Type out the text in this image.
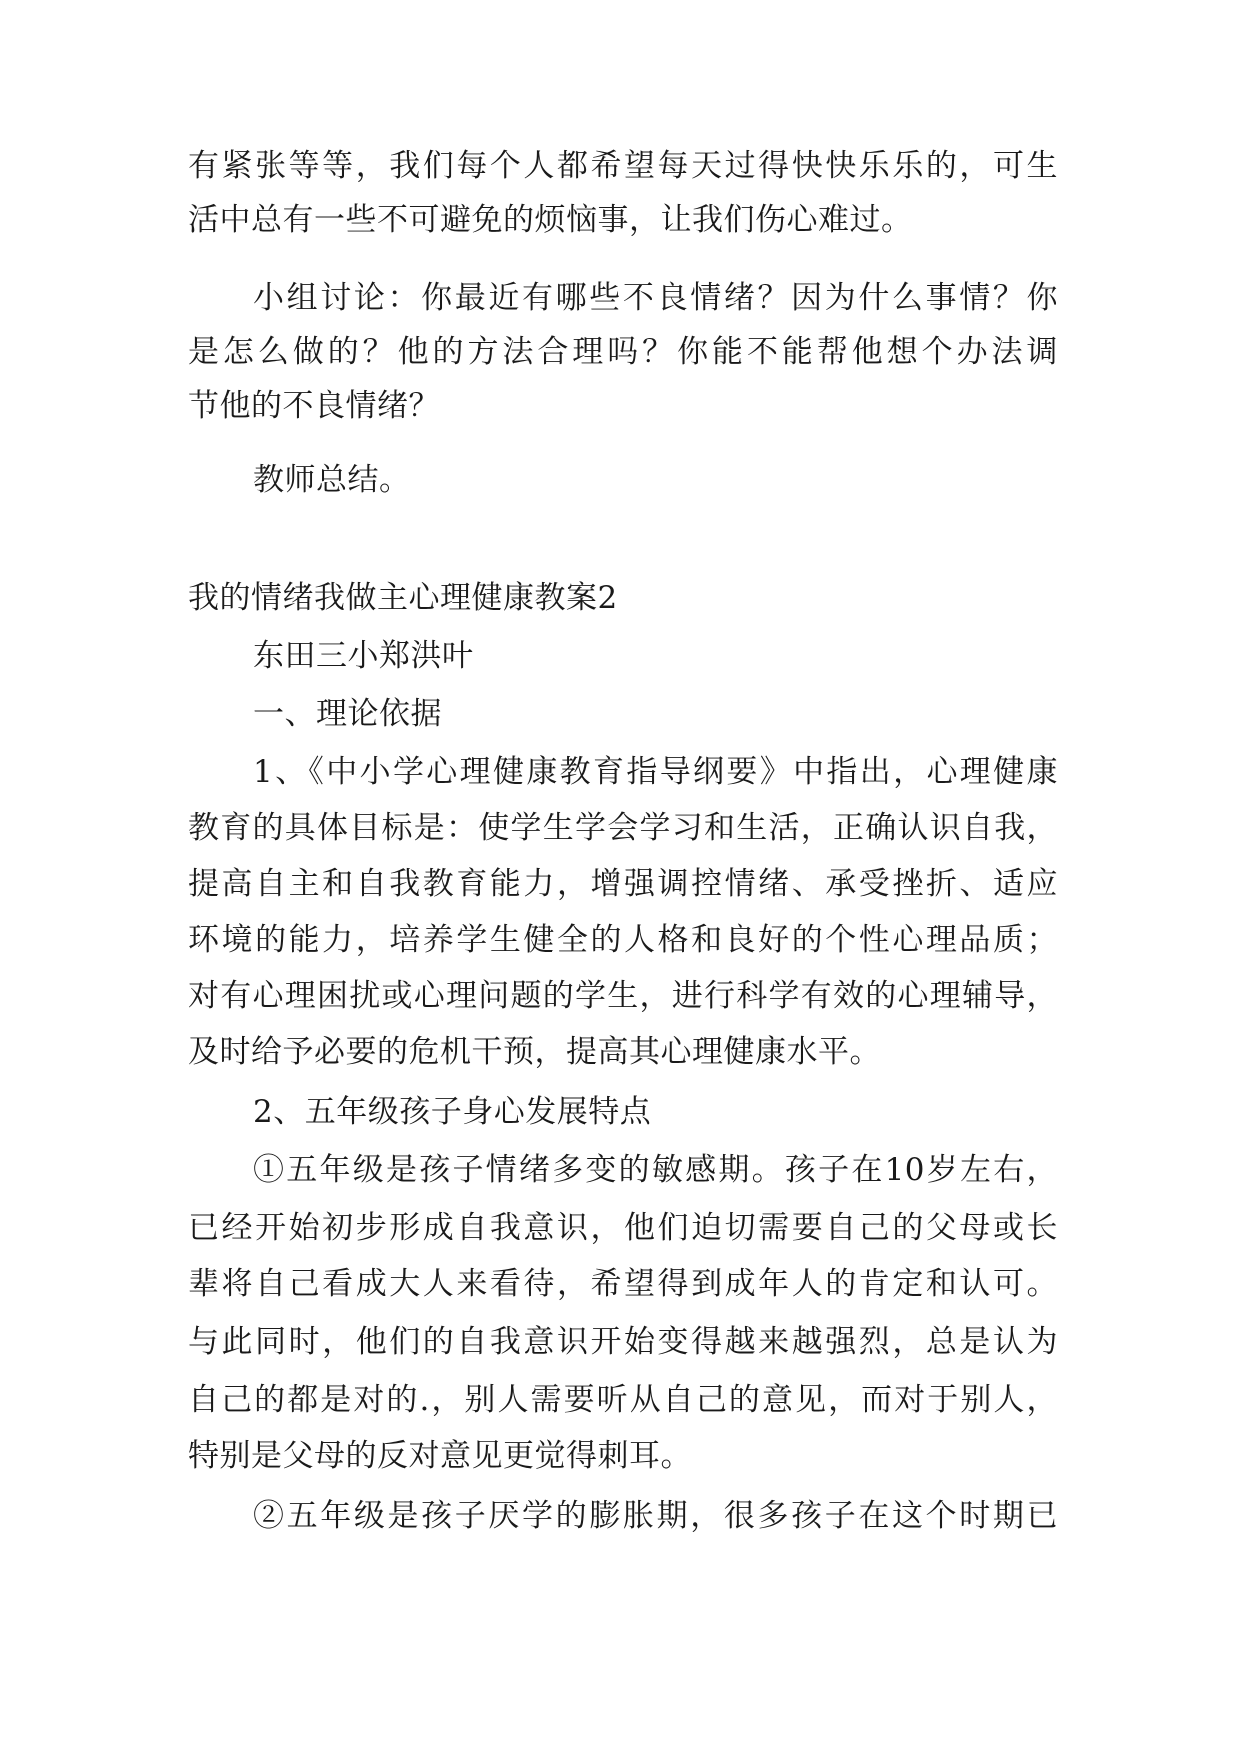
有紧张等等，我们每个人都希望每天过得快快乐乐的，可生
活中总有一些不可避免的烦恼事，让我们伤心难过。
小组讨论：你最近有哪些不良情绪？因为什么事情？你
是怎么做的？他的方法合理吗？你能不能帮他想个办法调
节他的不良情绪？
教师总结。
我的情绪我做主心理健康教案2
东田三小郑洪叶
一、理论依据
1、《中小学心理健康教育指导纲要》中指出，心理健康
教育的具体目标是：使学生学会学习和生活，正确认识自我，
提高自主和自我教育能力，增强调控情绪、承受挫折、适应
环境的能力，培养学生健全的人格和良好的个性心理品质；
对有心理困扰或心理问题的学生，进行科学有效的心理辅导，
及时给予必要的危机干预，提高其心理健康水平。
2、五年级孩子身心发展特点
①五年级是孩子情绪多变的敏感期。孩子在10岁左右，
已经开始初步形成自我意识，他们迫切需要自己的父母或长
辈将自己看成大人来看待，希望得到成年人的肯定和认可。
与此同时，他们的自我意识开始变得越来越强烈，总是认为
自己的都是对的.，别人需要听从自己的意见，而对于别人，
特别是父母的反对意见更觉得刺耳。
②五年级是孩子厌学的膨胀期，很多孩子在这个时期已
